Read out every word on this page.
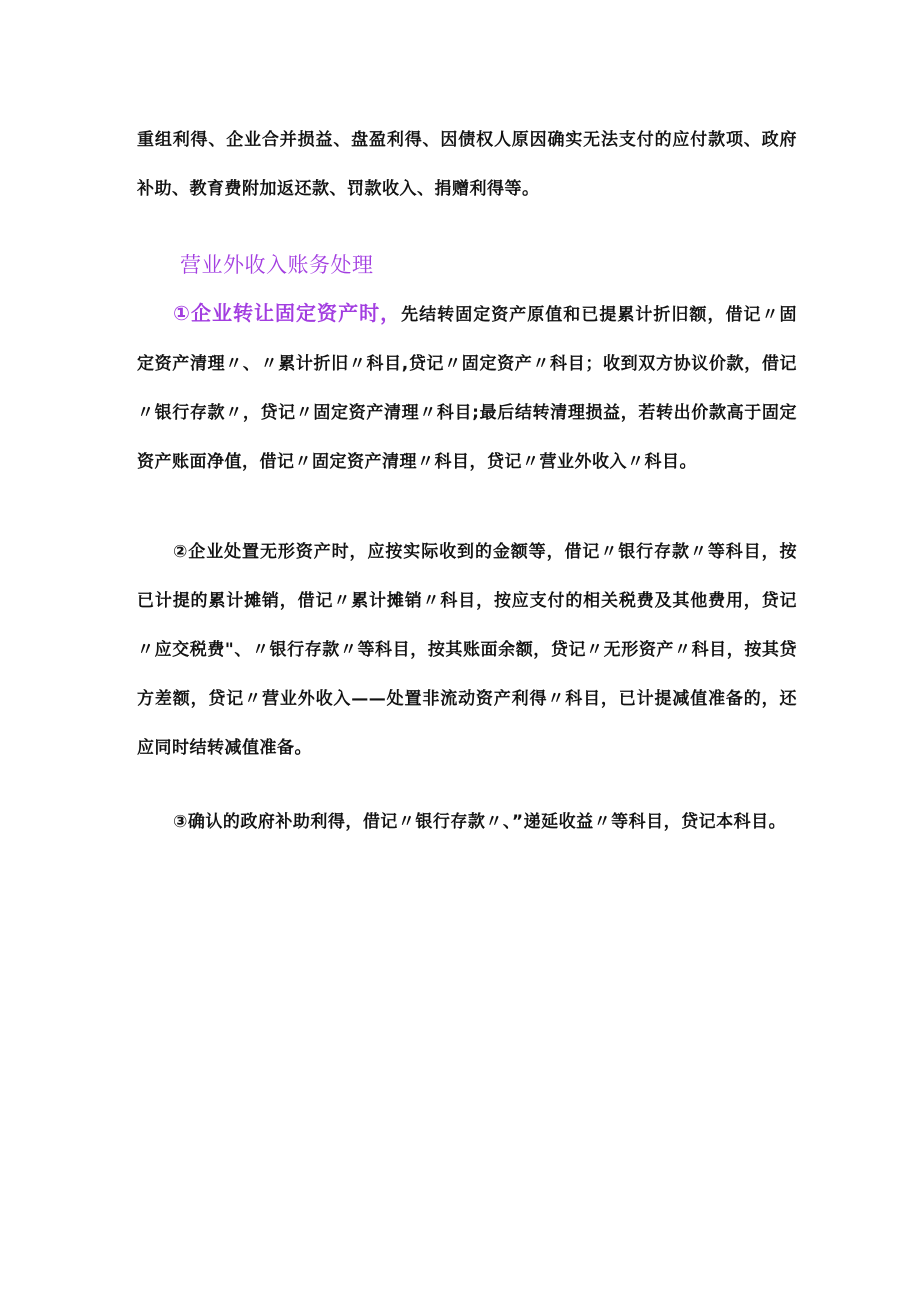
重组利得、企业合并损益、盘盈利得、因债权人原因确实无法支付的应付款项、政府补助、教育费附加返还款、罚款收入、捐赠利得等。

营业外收入账务处理

①企业转让固定资产时，先结转固定资产原值和已提累计折旧额，借记〃固定资产清理〃、〃累计折旧〃科目,贷记〃固定资产〃科目；收到双方协议价款，借记〃银行存款〃，贷记〃固定资产清理〃科目;最后结转清理损益，若转出价款高于固定资产账面净值，借记〃固定资产清理〃科目，贷记〃营业外收入〃科目。

②企业处置无形资产时，应按实际收到的金额等，借记〃银行存款〃等科目，按已计提的累计摊销，借记〃累计摊销〃科目，按应支付的相关税费及其他费用，贷记〃应交税费"、〃银行存款〃等科目，按其账面余额，贷记〃无形资产〃科目，按其贷方差额，贷记〃营业外收入——处置非流动资产利得〃科目，已计提减值准备的，还应同时结转减值准备。

③确认的政府补助利得，借记〃银行存款〃、”递延收益〃等科目，贷记本科目。
